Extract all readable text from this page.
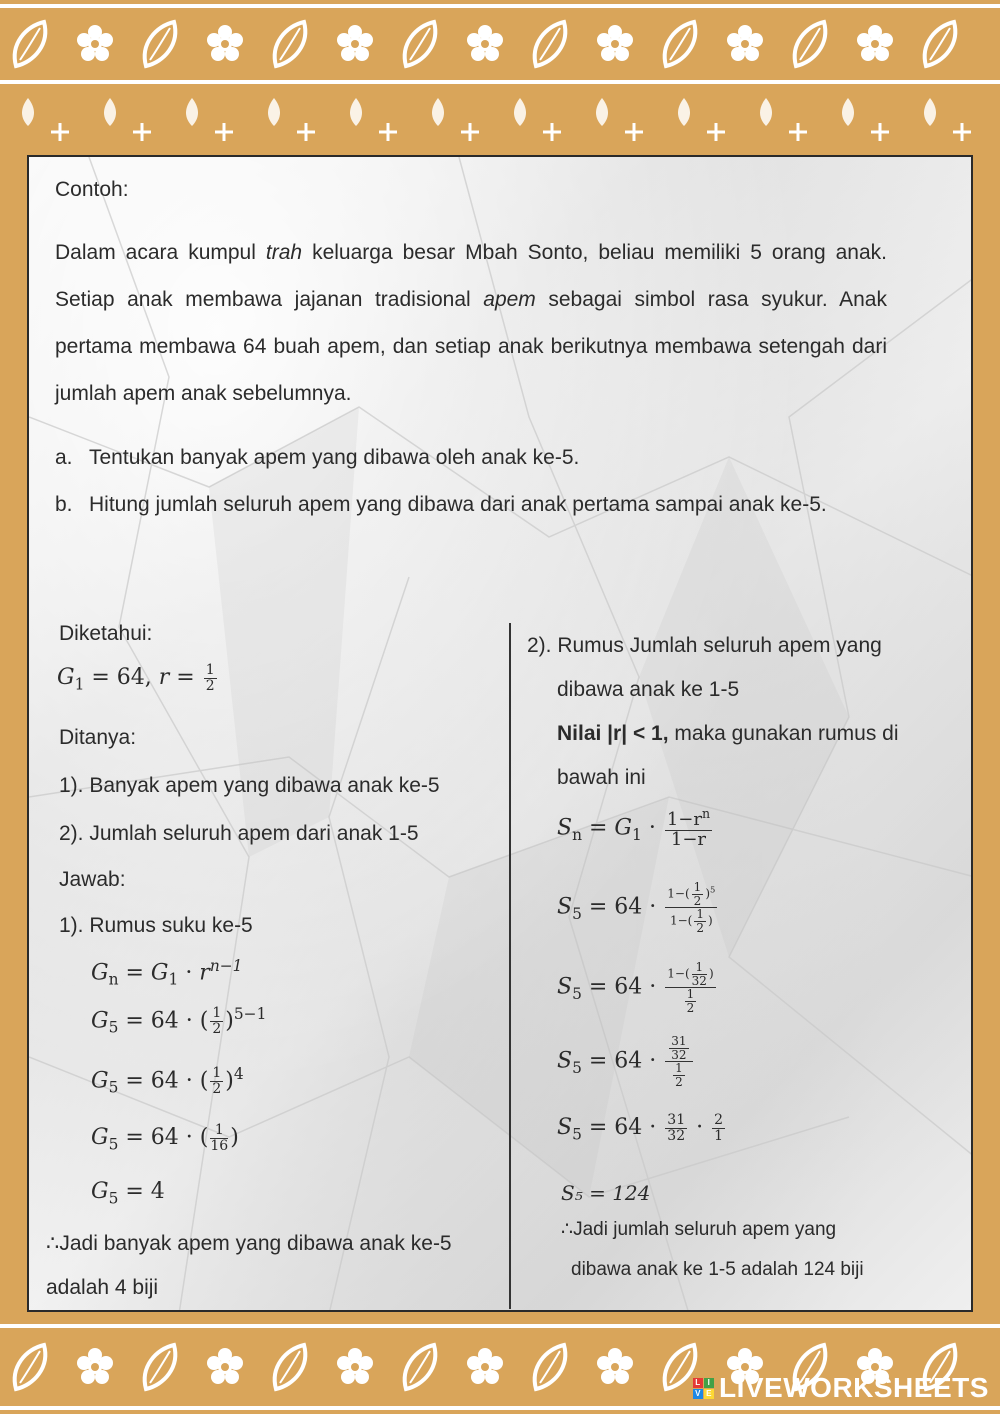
Contoh:

Dalam acara kumpul trah keluarga besar Mbah Sonto, beliau memiliki 5 orang anak. Setiap anak membawa jajanan tradisional apem sebagai simbol rasa syukur. Anak pertama membawa 64 buah apem, dan setiap anak berikutnya membawa setengah dari jumlah apem anak sebelumnya.

a. Tentukan banyak apem yang dibawa oleh anak ke-5.
b. Hitung jumlah seluruh apem yang dibawa dari anak pertama sampai anak ke-5.
Diketahui:
$G_1 = 64$, $r = \frac{1}{2}$
Ditanya:
1). Banyak apem yang dibawa anak ke-5
2). Jumlah seluruh apem dari anak 1-5
Jawab:
1). Rumus suku ke-5
$G_n = G_1 \cdot r^{n-1}$
$G_5 = 64$ · ( $\frac{1}{2} )^{5-1}$
$G_5 = 64$ · ( $\frac{1}{2} )^4$
$G_5 = 64$ · ( $\frac{1}{16}$ )
$G_5 = 4$
∴Jadi banyak apem yang dibawa anak ke-5
adalah 4 biji
2). Rumus Jumlah seluruh apem yang
dibawa anak ke 1-5
Nilai |r| < 1, maka gunakan rumus di
bawah ini
$S_n = G_1 \cdot \frac{1-r^n}{1-r}$
$S_5 = 64 \cdot \frac{1-( \frac{1}{2} )^5}{1-( \frac{1}{2} )}$
$S_5 = 64 \cdot \frac{1-( \frac{1}{32} )}{\frac{1}{2}}$
$S_5 = 64 \cdot \frac{\frac{31}{32}}{\frac{1}{2}}$
$S_5 = 64 \cdot \frac{31}{32} \cdot \frac{2}{1}$
S₅ = 124
∴Jadi jumlah seluruh apem yang
dibawa anak ke 1-5 adalah 124 biji
L I
V E LIVEWORKSHEETS
